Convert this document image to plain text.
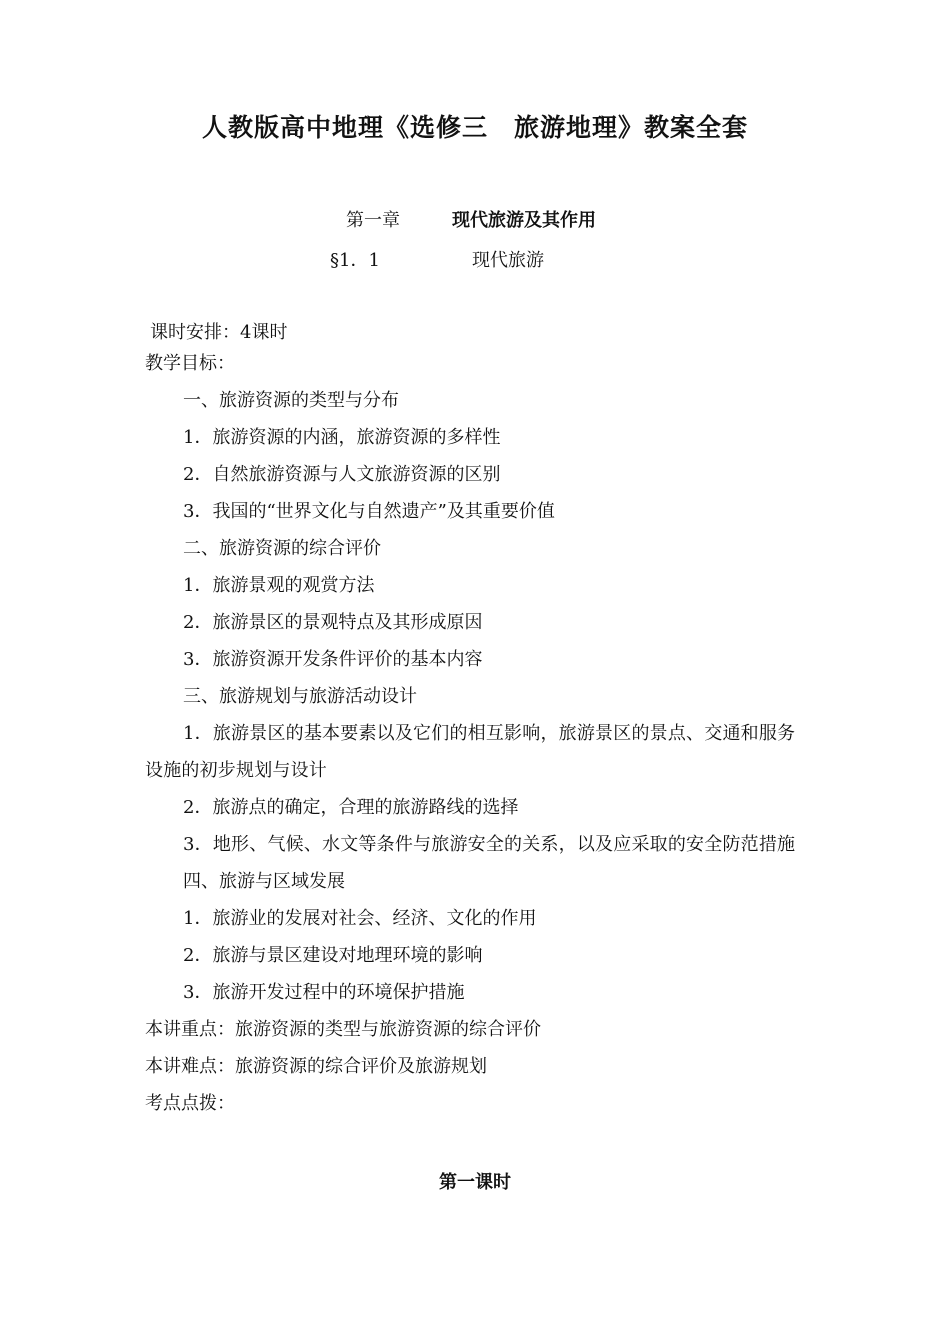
人教版高中地理《选修三　旅游地理》教案全套
第一章	现代旅游及其作用
§1．1	现代旅游
课时安排：4课时
教学目标：
一、旅游资源的类型与分布
1．旅游资源的内涵，旅游资源的多样性
2．自然旅游资源与人文旅游资源的区别
3．我国的“世界文化与自然遗产”及其重要价值
二、旅游资源的综合评价
1．旅游景观的观赏方法
2．旅游景区的景观特点及其形成原因
3．旅游资源开发条件评价的基本内容
三、旅游规划与旅游活动设计
1．旅游景区的基本要素以及它们的相互影响，旅游景区的景点、交通和服务设施的初步规划与设计
2．旅游点的确定，合理的旅游路线的选择
3．地形、气候、水文等条件与旅游安全的关系，以及应采取的安全防范措施
四、旅游与区域发展
1．旅游业的发展对社会、经济、文化的作用
2．旅游与景区建设对地理环境的影响
3．旅游开发过程中的环境保护措施
本讲重点：旅游资源的类型与旅游资源的综合评价
本讲难点：旅游资源的综合评价及旅游规划
考点点拨：
第一课时
